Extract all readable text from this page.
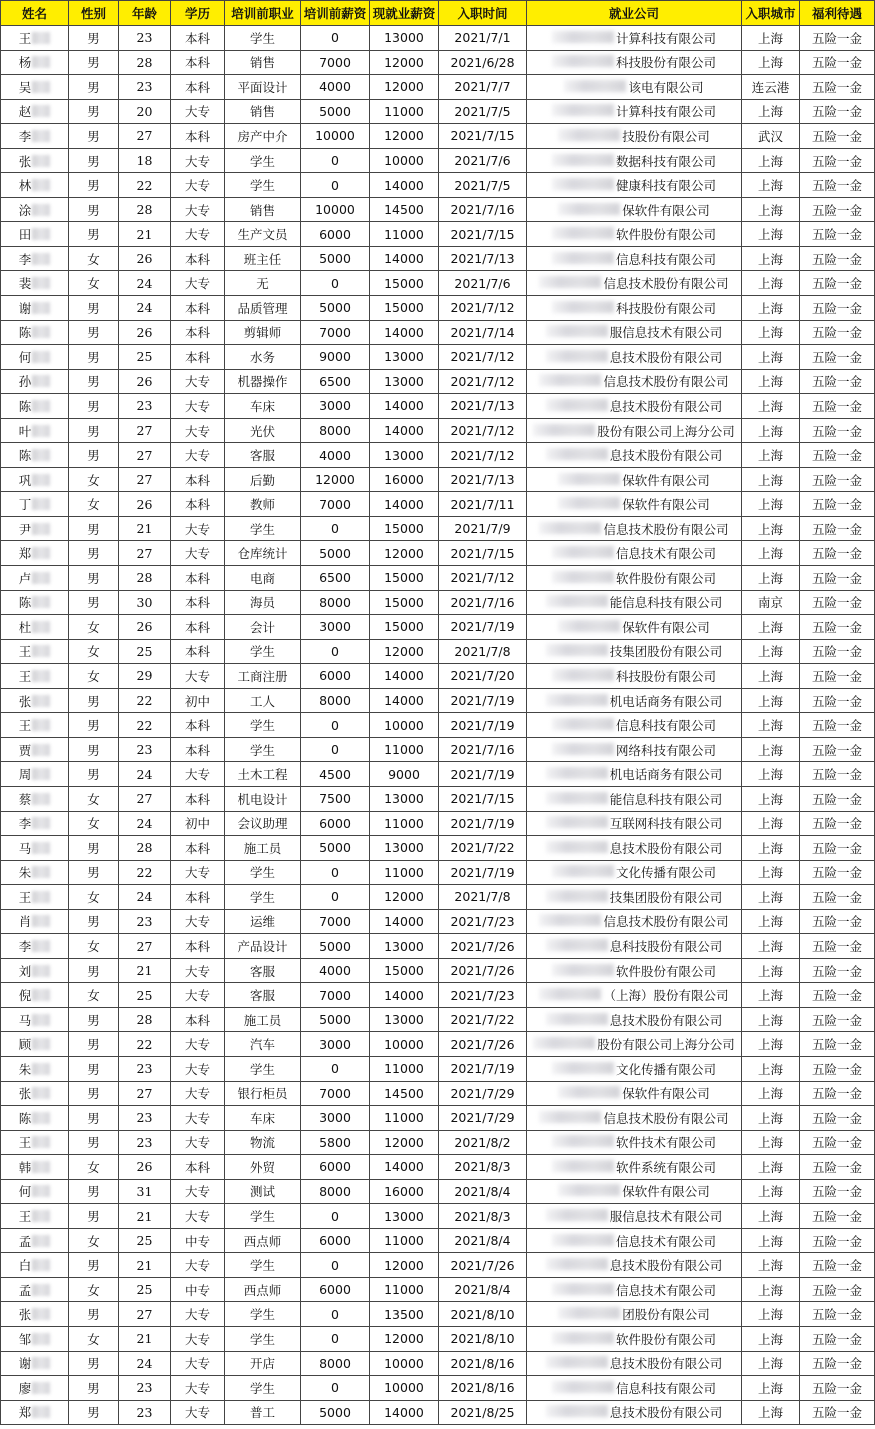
姓名	性别	年龄	学历	培训前职业	培训前薪资	现就业薪资	入职时间	就业公司	入职城市	福利待遇

王	男	23	本科	学生	0	13000	2021/7/1	计算科技有限公司	上海	五险一金

杨	男	28	本科	销售	7000	12000	2021/6/28	科技股份有限公司	上海	五险一金

吴	男	23	本科	平面设计	4000	12000	2021/7/7	该电有限公司	连云港	五险一金

赵	男	20	大专	销售	5000	11000	2021/7/5	计算科技有限公司	上海	五险一金

李	男	27	本科	房产中介	10000	12000	2021/7/15	技股份有限公司	武汉	五险一金

张	男	18	大专	学生	0	10000	2021/7/6	数据科技有限公司	上海	五险一金

林	男	22	大专	学生	0	14000	2021/7/5	健康科技有限公司	上海	五险一金

涂	男	28	大专	销售	10000	14500	2021/7/16	保软件有限公司	上海	五险一金

田	男	21	大专	生产文员	6000	11000	2021/7/15	软件股份有限公司	上海	五险一金

李	女	26	本科	班主任	5000	14000	2021/7/13	信息科技有限公司	上海	五险一金

裴	女	24	大专	无	0	15000	2021/7/6	信息技术股份有限公司	上海	五险一金

谢	男	24	本科	品质管理	5000	15000	2021/7/12	科技股份有限公司	上海	五险一金

陈	男	26	本科	剪辑师	7000	14000	2021/7/14	服信息技术有限公司	上海	五险一金

何	男	25	本科	水务	9000	13000	2021/7/12	息技术股份有限公司	上海	五险一金

孙	男	26	大专	机器操作	6500	13000	2021/7/12	信息技术股份有限公司	上海	五险一金

陈	男	23	大专	车床	3000	14000	2021/7/13	息技术股份有限公司	上海	五险一金

叶	男	27	大专	光伏	8000	14000	2021/7/12	股份有限公司上海分公司	上海	五险一金

陈	男	27	大专	客服	4000	13000	2021/7/12	息技术股份有限公司	上海	五险一金

巩	女	27	本科	后勤	12000	16000	2021/7/13	保软件有限公司	上海	五险一金

丁	女	26	本科	教师	7000	14000	2021/7/11	保软件有限公司	上海	五险一金

尹	男	21	大专	学生	0	15000	2021/7/9	信息技术股份有限公司	上海	五险一金

郑	男	27	大专	仓库统计	5000	12000	2021/7/15	信息技术有限公司	上海	五险一金

卢	男	28	本科	电商	6500	15000	2021/7/12	软件股份有限公司	上海	五险一金

陈	男	30	本科	海员	8000	15000	2021/7/16	能信息科技有限公司	南京	五险一金

杜	女	26	本科	会计	3000	15000	2021/7/19	保软件有限公司	上海	五险一金

王	女	25	本科	学生	0	12000	2021/7/8	技集团股份有限公司	上海	五险一金

王	女	29	大专	工商注册	6000	14000	2021/7/20	科技股份有限公司	上海	五险一金

张	男	22	初中	工人	8000	14000	2021/7/19	机电话商务有限公司	上海	五险一金

王	男	22	本科	学生	0	10000	2021/7/19	信息科技有限公司	上海	五险一金

贾	男	23	本科	学生	0	11000	2021/7/16	网络科技有限公司	上海	五险一金

周	男	24	大专	土木工程	4500	9000	2021/7/19	机电话商务有限公司	上海	五险一金

蔡	女	27	本科	机电设计	7500	13000	2021/7/15	能信息科技有限公司	上海	五险一金

李	女	24	初中	会议助理	6000	11000	2021/7/19	互联网科技有限公司	上海	五险一金

马	男	28	本科	施工员	5000	13000	2021/7/22	息技术股份有限公司	上海	五险一金

朱	男	22	大专	学生	0	11000	2021/7/19	文化传播有限公司	上海	五险一金

王	女	24	本科	学生	0	12000	2021/7/8	技集团股份有限公司	上海	五险一金

肖	男	23	大专	运维	7000	14000	2021/7/23	信息技术股份有限公司	上海	五险一金

李	女	27	本科	产品设计	5000	13000	2021/7/26	息科技股份有限公司	上海	五险一金

刘	男	21	大专	客服	4000	15000	2021/7/26	软件股份有限公司	上海	五险一金

倪	女	25	大专	客服	7000	14000	2021/7/23	（上海）股份有限公司	上海	五险一金

马	男	28	本科	施工员	5000	13000	2021/7/22	息技术股份有限公司	上海	五险一金

顾	男	22	大专	汽车	3000	10000	2021/7/26	股份有限公司上海分公司	上海	五险一金

朱	男	23	大专	学生	0	11000	2021/7/19	文化传播有限公司	上海	五险一金

张	男	27	大专	银行柜员	7000	14500	2021/7/29	保软件有限公司	上海	五险一金

陈	男	23	大专	车床	3000	11000	2021/7/29	信息技术股份有限公司	上海	五险一金

王	男	23	大专	物流	5800	12000	2021/8/2	软件技术有限公司	上海	五险一金

韩	女	26	本科	外贸	6000	14000	2021/8/3	软件系统有限公司	上海	五险一金

何	男	31	大专	测试	8000	16000	2021/8/4	保软件有限公司	上海	五险一金

王	男	21	大专	学生	0	13000	2021/8/3	服信息技术有限公司	上海	五险一金

孟	女	25	中专	西点师	6000	11000	2021/8/4	信息技术有限公司	上海	五险一金

白	男	21	大专	学生	0	12000	2021/7/26	息技术股份有限公司	上海	五险一金

孟	女	25	中专	西点师	6000	11000	2021/8/4	信息技术有限公司	上海	五险一金

张	男	27	大专	学生	0	13500	2021/8/10	团股份有限公司	上海	五险一金

邹	女	21	大专	学生	0	12000	2021/8/10	软件股份有限公司	上海	五险一金

谢	男	24	大专	开店	8000	10000	2021/8/16	息技术股份有限公司	上海	五险一金

廖	男	23	大专	学生	0	10000	2021/8/16	信息科技有限公司	上海	五险一金

郑	男	23	大专	普工	5000	14000	2021/8/25	息技术股份有限公司	上海	五险一金
